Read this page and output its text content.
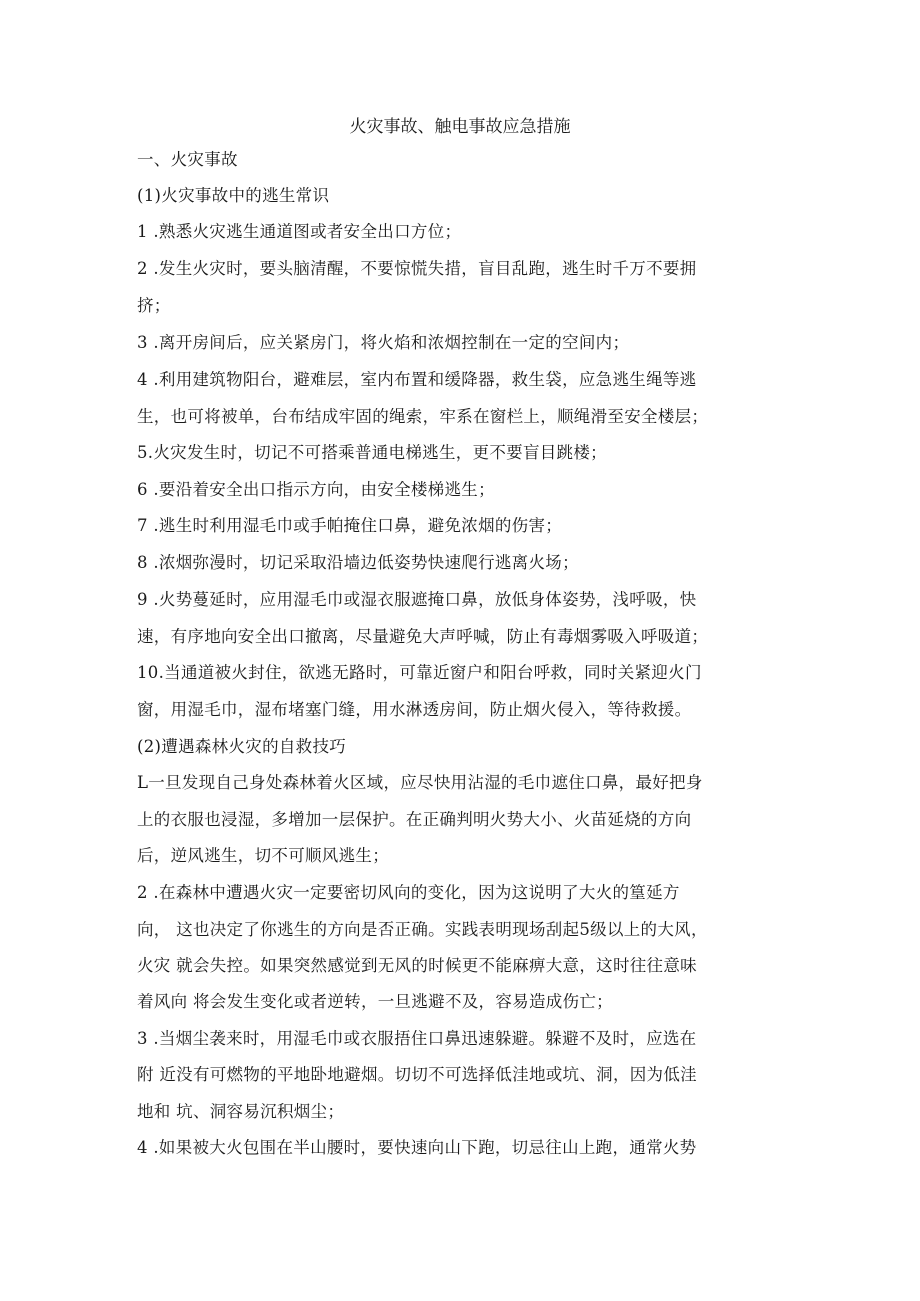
火灾事故、触电事故应急措施
一、火灾事故
(1)火灾事故中的逃生常识
1 .熟悉火灾逃生通道图或者安全出口方位；
2 .发生火灾时，要头脑清醒，不要惊慌失措，盲目乱跑，逃生时千万不要拥
挤；
3 .离开房间后，应关紧房门，将火焰和浓烟控制在一定的空间内；
4 .利用建筑物阳台，避难层，室内布置和缓降器，救生袋，应急逃生绳等逃
生，也可将被单，台布结成牢固的绳索，牢系在窗栏上，顺绳滑至安全楼层；
5.火灾发生时，切记不可搭乘普通电梯逃生，更不要盲目跳楼；
6 .要沿着安全出口指示方向，由安全楼梯逃生；
7 .逃生时利用湿毛巾或手帕掩住口鼻，避免浓烟的伤害；
8 .浓烟弥漫时，切记采取沿墙边低姿势快速爬行逃离火场；
9 .火势蔓延时，应用湿毛巾或湿衣服遮掩口鼻，放低身体姿势，浅呼吸，快
速，有序地向安全出口撤离，尽量避免大声呼喊，防止有毒烟雾吸入呼吸道；
10.当通道被火封住，欲逃无路时，可靠近窗户和阳台呼救，同时关紧迎火门
窗，用湿毛巾，湿布堵塞门缝，用水淋透房间，防止烟火侵入，等待救援。
(2)遭遇森林火灾的自救技巧
L一旦发现自己身处森林着火区域，应尽快用沾湿的毛巾遮住口鼻，最好把身
上的衣服也浸湿，多增加一层保护。在正确判明火势大小、火苗延烧的方向
后，逆风逃生，切不可顺风逃生；
2 .在森林中遭遇火灾一定要密切风向的变化，因为这说明了大火的篁延方
向， 这也决定了你逃生的方向是否正确。实践表明现场刮起5级以上的大风，
火灾 就会失控。如果突然感觉到无风的时候更不能麻痹大意，这时往往意味
着风向 将会发生变化或者逆转，一旦逃避不及，容易造成伤亡；
3 .当烟尘袭来时，用湿毛巾或衣服捂住口鼻迅速躲避。躲避不及时，应选在
附 近没有可燃物的平地卧地避烟。切切不可选择低洼地或坑、洞，因为低洼
地和 坑、洞容易沉积烟尘；
4 .如果被大火包围在半山腰时，要快速向山下跑，切忌往山上跑，通常火势
